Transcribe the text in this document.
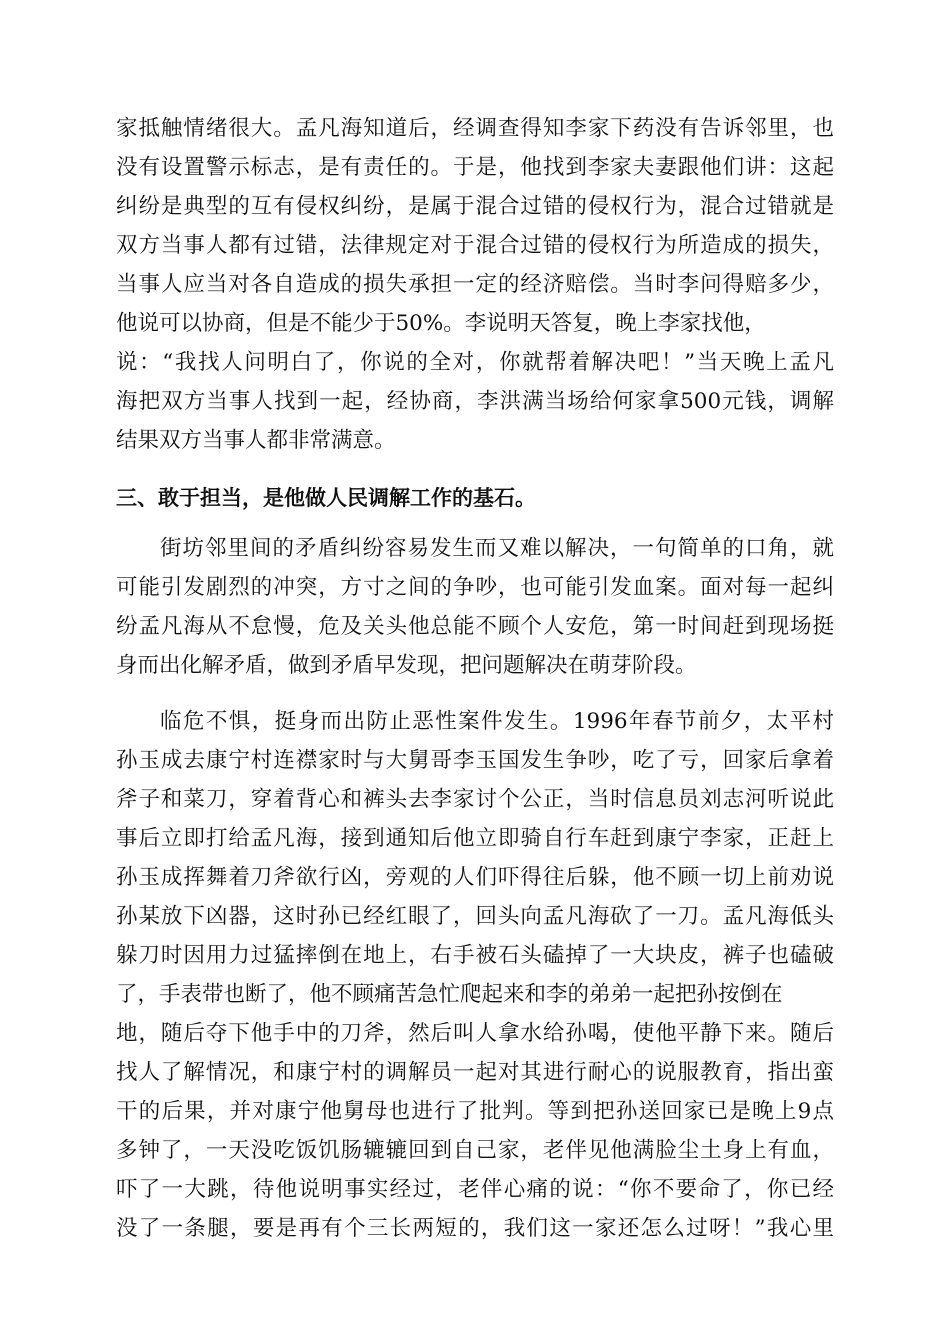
家抵触情绪很大。孟凡海知道后，经调查得知李家下药没有告诉邻里，也
没有设置警示标志，是有责任的。于是，他找到李家夫妻跟他们讲：这起
纠纷是典型的互有侵权纠纷，是属于混合过错的侵权行为，混合过错就是
双方当事人都有过错，法律规定对于混合过错的侵权行为所造成的损失，
当事人应当对各自造成的损失承担一定的经济赔偿。当时李问得赔多少，
他说可以协商，但是不能少于50%。李说明天答复，晚上李家找他，
说：“我找人问明白了，你说的全对，你就帮着解决吧！”当天晚上孟凡
海把双方当事人找到一起，经协商，李洪满当场给何家拿500元钱，调解
结果双方当事人都非常满意。
三、敢于担当，是他做人民调解工作的基石。
街坊邻里间的矛盾纠纷容易发生而又难以解决，一句简单的口角，就
可能引发剧烈的冲突，方寸之间的争吵，也可能引发血案。面对每一起纠
纷孟凡海从不怠慢，危及关头他总能不顾个人安危，第一时间赶到现场挺
身而出化解矛盾，做到矛盾早发现，把问题解决在萌芽阶段。
临危不惧，挺身而出防止恶性案件发生。1996年春节前夕，太平村
孙玉成去康宁村连襟家时与大舅哥李玉国发生争吵，吃了亏，回家后拿着
斧子和菜刀，穿着背心和裤头去李家讨个公正，当时信息员刘志河听说此
事后立即打给孟凡海，接到通知后他立即骑自行车赶到康宁李家，正赶上
孙玉成挥舞着刀斧欲行凶，旁观的人们吓得往后躲，他不顾一切上前劝说
孙某放下凶器，这时孙已经红眼了，回头向孟凡海砍了一刀。孟凡海低头
躲刀时因用力过猛摔倒在地上，右手被石头磕掉了一大块皮，裤子也磕破
了，手表带也断了，他不顾痛苦急忙爬起来和李的弟弟一起把孙按倒在
地，随后夺下他手中的刀斧，然后叫人拿水给孙喝，使他平静下来。随后
找人了解情况，和康宁村的调解员一起对其进行耐心的说服教育，指出蛮
干的后果，并对康宁他舅母也进行了批判。等到把孙送回家已是晚上9点
多钟了，一天没吃饭饥肠辘辘回到自己家，老伴见他满脸尘土身上有血，
吓了一大跳，待他说明事实经过，老伴心痛的说：“你不要命了，你已经
没了一条腿，要是再有个三长两短的，我们这一家还怎么过呀！”我心里
